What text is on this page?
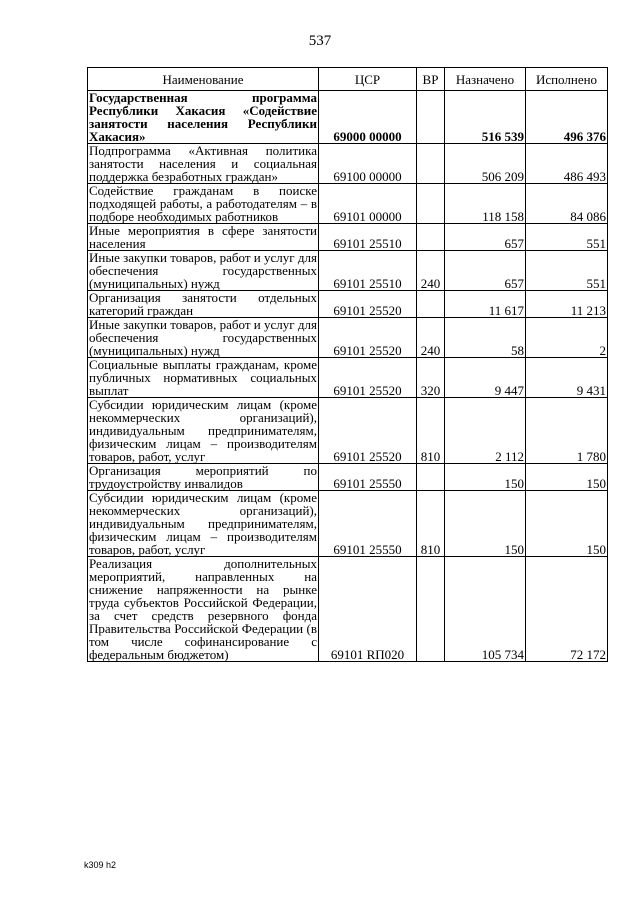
537
Наименование	ЦСР	ВР	Назначено	Исполнено
Государственная программа Республики Хакасия «Содействие занятости населения Республики Хакасия»	69000 00000		516 539	496 376
Подпрограмма «Активная политика занятости населения и социальная поддержка безработных граждан»	69100 00000		506 209	486 493
Содействие гражданам в поиске подходящей работы, а работодателям – в подборе необходимых работников	69101 00000		118 158	84 086
Иные мероприятия в сфере занятости населения	69101 25510		657	551
Иные закупки товаров, работ и услуг для обеспечения государственных (муниципальных) нужд	69101 25510	240	657	551
Организация занятости отдельных категорий граждан	69101 25520		11 617	11 213
Иные закупки товаров, работ и услуг для обеспечения государственных (муниципальных) нужд	69101 25520	240	58	2
Социальные выплаты гражданам, кроме публичных нормативных социальных выплат	69101 25520	320	9 447	9 431
Субсидии юридическим лицам (кроме некоммерческих организаций), индивидуальным предпринимателям, физическим лицам – производителям товаров, работ, услуг	69101 25520	810	2 112	1 780
Организация мероприятий по трудоустройству инвалидов	69101 25550		150	150
Субсидии юридическим лицам (кроме некоммерческих организаций), индивидуальным предпринимателям, физическим лицам – производителям товаров, работ, услуг	69101 25550	810	150	150
Реализация дополнительных мероприятий, направленных на снижение напряженности на рынке труда субъектов Российской Федерации, за счет средств резервного фонда Правительства Российской Федерации (в том числе софинансирование с федеральным бюджетом)	69101 RП020		105 734	72 172
k309 h2
